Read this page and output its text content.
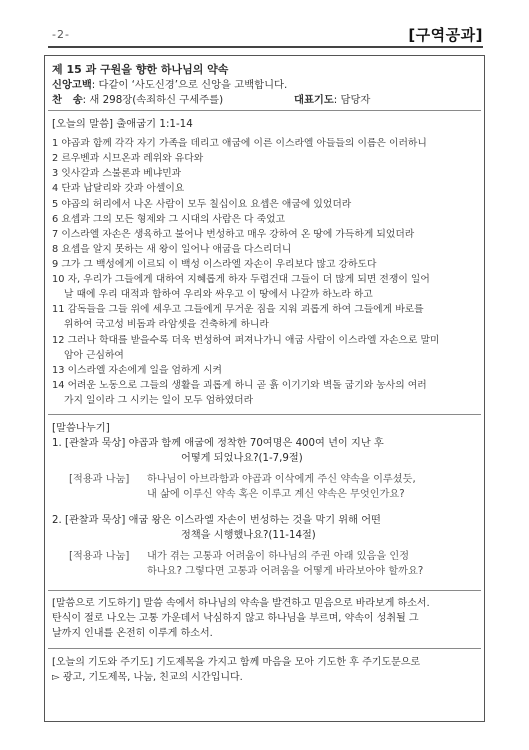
-2-	[구역공과]
제 15 과 구원을 향한 하나님의 약속
신앙고백: 다같이 ‘사도신경’으로 신앙을 고백합니다.
찬   송: 새 298장(속죄하신 구세주를)	대표기도: 담당자
[오늘의 말씀] 출애굽기 1:1-14
1 야곱과 함께 각각 자기 가족을 데리고 애굽에 이른 이스라엘 아들들의 이름은 이러하니
2 르우벤과 시므온과 레위와 유다와
3 잇사갈과 스불론과 베냐민과
4 단과 납달리와 갓과 아셀이요
5 야곱의 허리에서 나온 사람이 모두 칠십이요 요셉은 애굽에 있었더라
6 요셉과 그의 모든 형제와 그 시대의 사람은 다 죽었고
7 이스라엘 자손은 생육하고 불어나 번성하고 매우 강하여 온 땅에 가득하게 되었더라
8 요셉을 알지 못하는 새 왕이 일어나 애굽을 다스리더니
9 그가 그 백성에게 이르되 이 백성 이스라엘 자손이 우리보다 많고 강하도다
10 자, 우리가 그들에게 대하여 지혜롭게 하자 두렵건대 그들이 더 많게 되면 전쟁이 일어
날 때에 우리 대적과 합하여 우리와 싸우고 이 땅에서 나갈까 하노라 하고
11 감독들을 그들 위에 세우고 그들에게 무거운 짐을 지워 괴롭게 하여 그들에게 바로를
위하여 국고성 비돔과 라암셋을 건축하게 하니라
12 그러나 학대를 받을수록 더욱 번성하여 퍼져나가니 애굽 사람이 이스라엘 자손으로 말미
암아 근심하여
13 이스라엘 자손에게 일을 엄하게 시켜
14 어려운 노동으로 그들의 생활을 괴롭게 하니 곧 흙 이기기와 벽돌 굽기와 농사의 여러
가지 일이라 그 시키는 일이 모두 엄하였더라
[말씀나누기]
1. [관찰과 묵상] 야곱과 함께 애굽에 정착한 70여명은 400여 년이 지난 후
어떻게 되었나요?(1-7,9절)
[적용과 나눔] 하나님이 아브라함과 야곱과 이삭에게 주신 약속을 이루셨듯,
내 삶에 이루신 약속 혹은 이루고 계신 약속은 무엇인가요?
2. [관찰과 묵상] 애굽 왕은 이스라엘 자손이 번성하는 것을 막기 위해 어떤
정책을 시행했나요?(11-14절)
[적용과 나눔] 내가 겪는 고통과 어려움이 하나님의 주권 아래 있음을 인정
하나요? 그렇다면 고통과 어려움을 어떻게 바라보아야 할까요?
[말씀으로 기도하기] 말씀 속에서 하나님의 약속을 발견하고 믿음으로 바라보게 하소서.
탄식이 절로 나오는 고통 가운데서 낙심하지 않고 하나님을 부르며, 약속이 성취될 그
날까지 인내를 온전히 이루게 하소서.
[오늘의 기도와 주기도] 기도제목을 가지고 함께 마음을 모아 기도한 후 주기도문으로
▻ 광고, 기도제목, 나눔, 친교의 시간입니다.
